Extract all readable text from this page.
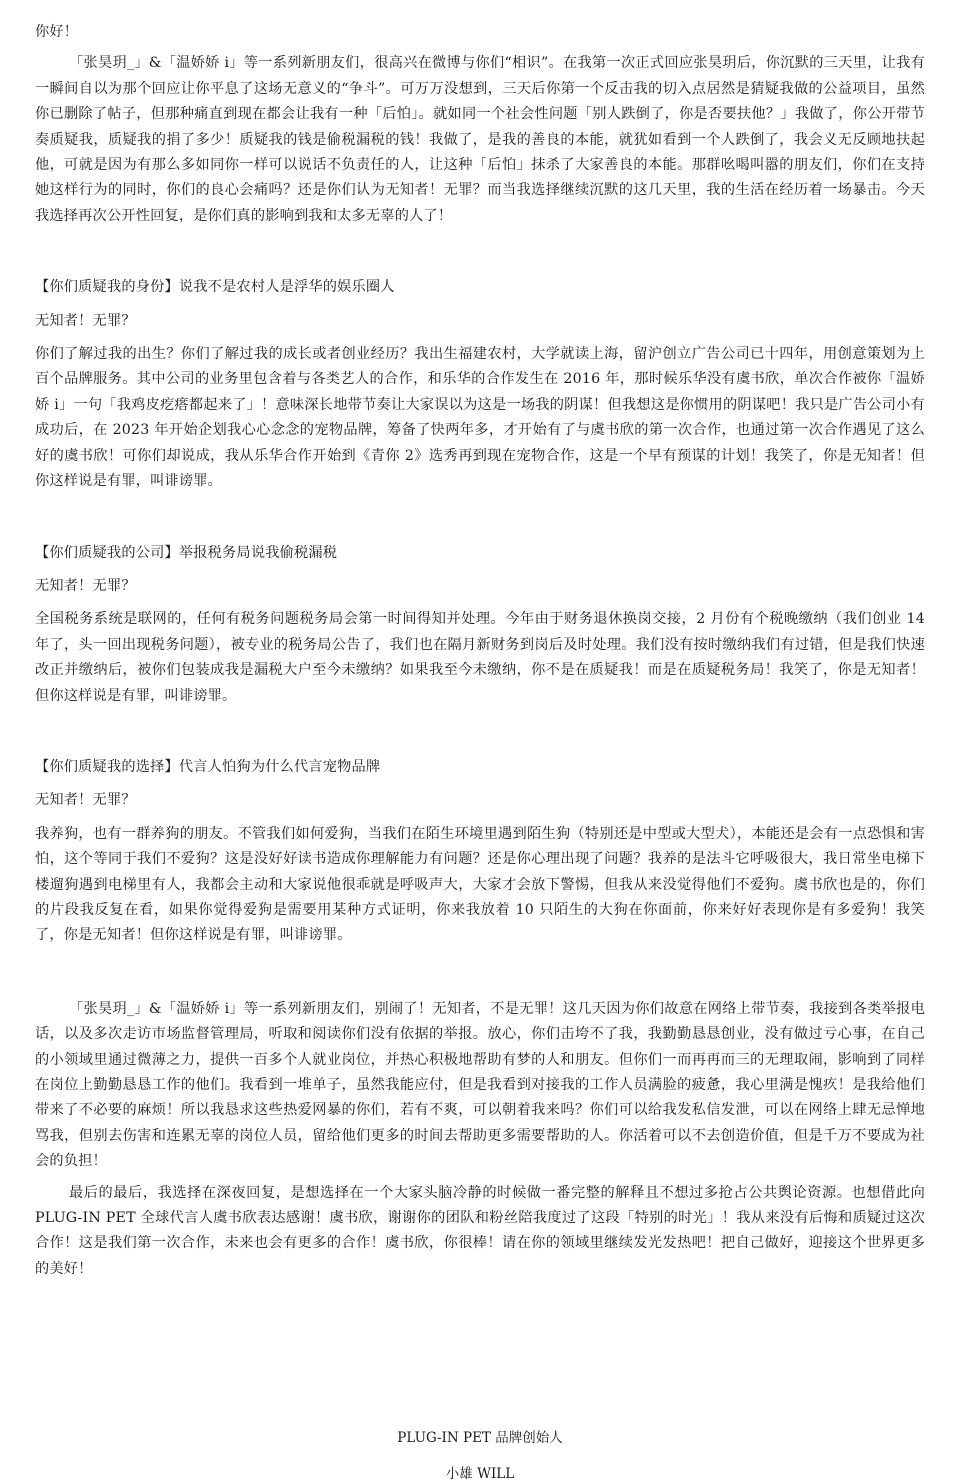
你好！

「张昊玥_」&「温娇娇 i」等一系列新朋友们，很高兴在微博与你们“相识”。在我第一次正式回应张昊玥后，你沉默的三天里，让我有一瞬间自以为那个回应让你平息了这场无意义的“争斗”。可万万没想到，三天后你第一个反击我的切入点居然是猜疑我做的公益项目，虽然你已删除了帖子，但那种痛直到现在都会让我有一种「后怕」。就如同一个社会性问题「别人跌倒了，你是否要扶他？」我做了，你公开带节奏质疑我，质疑我的捐了多少！质疑我的钱是偷税漏税的钱！我做了，是我的善良的本能，就犹如看到一个人跌倒了，我会义无反顾地扶起他，可就是因为有那么多如同你一样可以说话不负责任的人，让这种「后怕」抹杀了大家善良的本能。那群吆喝叫嚣的朋友们，你们在支持她这样行为的同时，你们的良心会痛吗？还是你们认为无知者！无罪？而当我选择继续沉默的这几天里，我的生活在经历着一场暴击。今天我选择再次公开性回复，是你们真的影响到我和太多无辜的人了！

【你们质疑我的身份】说我不是农村人是浮华的娱乐圈人

无知者！无罪？

你们了解过我的出生？你们了解过我的成长或者创业经历？我出生福建农村，大学就读上海，留沪创立广告公司已十四年，用创意策划为上百个品牌服务。其中公司的业务里包含着与各类艺人的合作，和乐华的合作发生在 2016 年，那时候乐华没有虞书欣，单次合作被你「温娇娇 i」一句「我鸡皮疙瘩都起来了」！意味深长地带节奏让大家误以为这是一场我的阴谋！但我想这是你惯用的阴谋吧！我只是广告公司小有成功后，在 2023 年开始企划我心心念念的宠物品牌，筹备了快两年多，才开始有了与虞书欣的第一次合作，也通过第一次合作遇见了这么好的虞书欣！可你们却说成，我从乐华合作开始到《青你 2》选秀再到现在宠物合作，这是一个早有预谋的计划！我笑了，你是无知者！但你这样说是有罪，叫诽谤罪。

【你们质疑我的公司】举报税务局说我偷税漏税

无知者！无罪？

全国税务系统是联网的，任何有税务问题税务局会第一时间得知并处理。今年由于财务退休换岗交接，2 月份有个税晚缴纳（我们创业 14 年了，头一回出现税务问题），被专业的税务局公告了，我们也在隔月新财务到岗后及时处理。我们没有按时缴纳我们有过错，但是我们快速改正并缴纳后，被你们包装成我是漏税大户至今未缴纳？如果我至今未缴纳，你不是在质疑我！而是在质疑税务局！我笑了，你是无知者！但你这样说是有罪，叫诽谤罪。

【你们质疑我的选择】代言人怕狗为什么代言宠物品牌

无知者！无罪？

我养狗，也有一群养狗的朋友。不管我们如何爱狗，当我们在陌生环境里遇到陌生狗（特别还是中型或大型犬），本能还是会有一点恐惧和害怕，这个等同于我们不爱狗？这是没好好读书造成你理解能力有问题？还是你心理出现了问题？我养的是法斗它呼吸很大，我日常坐电梯下楼遛狗遇到电梯里有人，我都会主动和大家说他很乖就是呼吸声大，大家才会放下警惕，但我从来没觉得他们不爱狗。虞书欣也是的，你们的片段我反复在看，如果你觉得爱狗是需要用某种方式证明，你来我放着 10 只陌生的大狗在你面前，你来好好表现你是有多爱狗！我笑了，你是无知者！但你这样说是有罪，叫诽谤罪。

「张昊玥_」&「温娇娇 i」等一系列新朋友们，别闹了！无知者，不是无罪！这几天因为你们故意在网络上带节奏，我接到各类举报电话，以及多次走访市场监督管理局，听取和阅读你们没有依据的举报。放心，你们击垮不了我，我勤勤恳恳创业，没有做过亏心事，在自己的小领域里通过微薄之力，提供一百多个人就业岗位，并热心积极地帮助有梦的人和朋友。但你们一而再再而三的无理取闹，影响到了同样在岗位上勤勤恳恳工作的他们。我看到一堆单子，虽然我能应付，但是我看到对接我的工作人员满脸的疲惫，我心里满是愧疚！是我给他们带来了不必要的麻烦！所以我恳求这些热爱网暴的你们，若有不爽，可以朝着我来吗？你们可以给我发私信发泄，可以在网络上肆无忌惮地骂我，但别去伤害和连累无辜的岗位人员，留给他们更多的时间去帮助更多需要帮助的人。你活着可以不去创造价值，但是千万不要成为社会的负担！

最后的最后，我选择在深夜回复，是想选择在一个大家头脑冷静的时候做一番完整的解释且不想过多抢占公共舆论资源。也想借此向 PLUG-IN PET 全球代言人虞书欣表达感谢！虞书欣，谢谢你的团队和粉丝陪我度过了这段「特别的时光」！我从来没有后悔和质疑过这次合作！这是我们第一次合作，未来也会有更多的合作！虞书欣，你很棒！请在你的领域里继续发光发热吧！把自己做好，迎接这个世界更多的美好！

PLUG-IN PET 品牌创始人
小雄 WILL
